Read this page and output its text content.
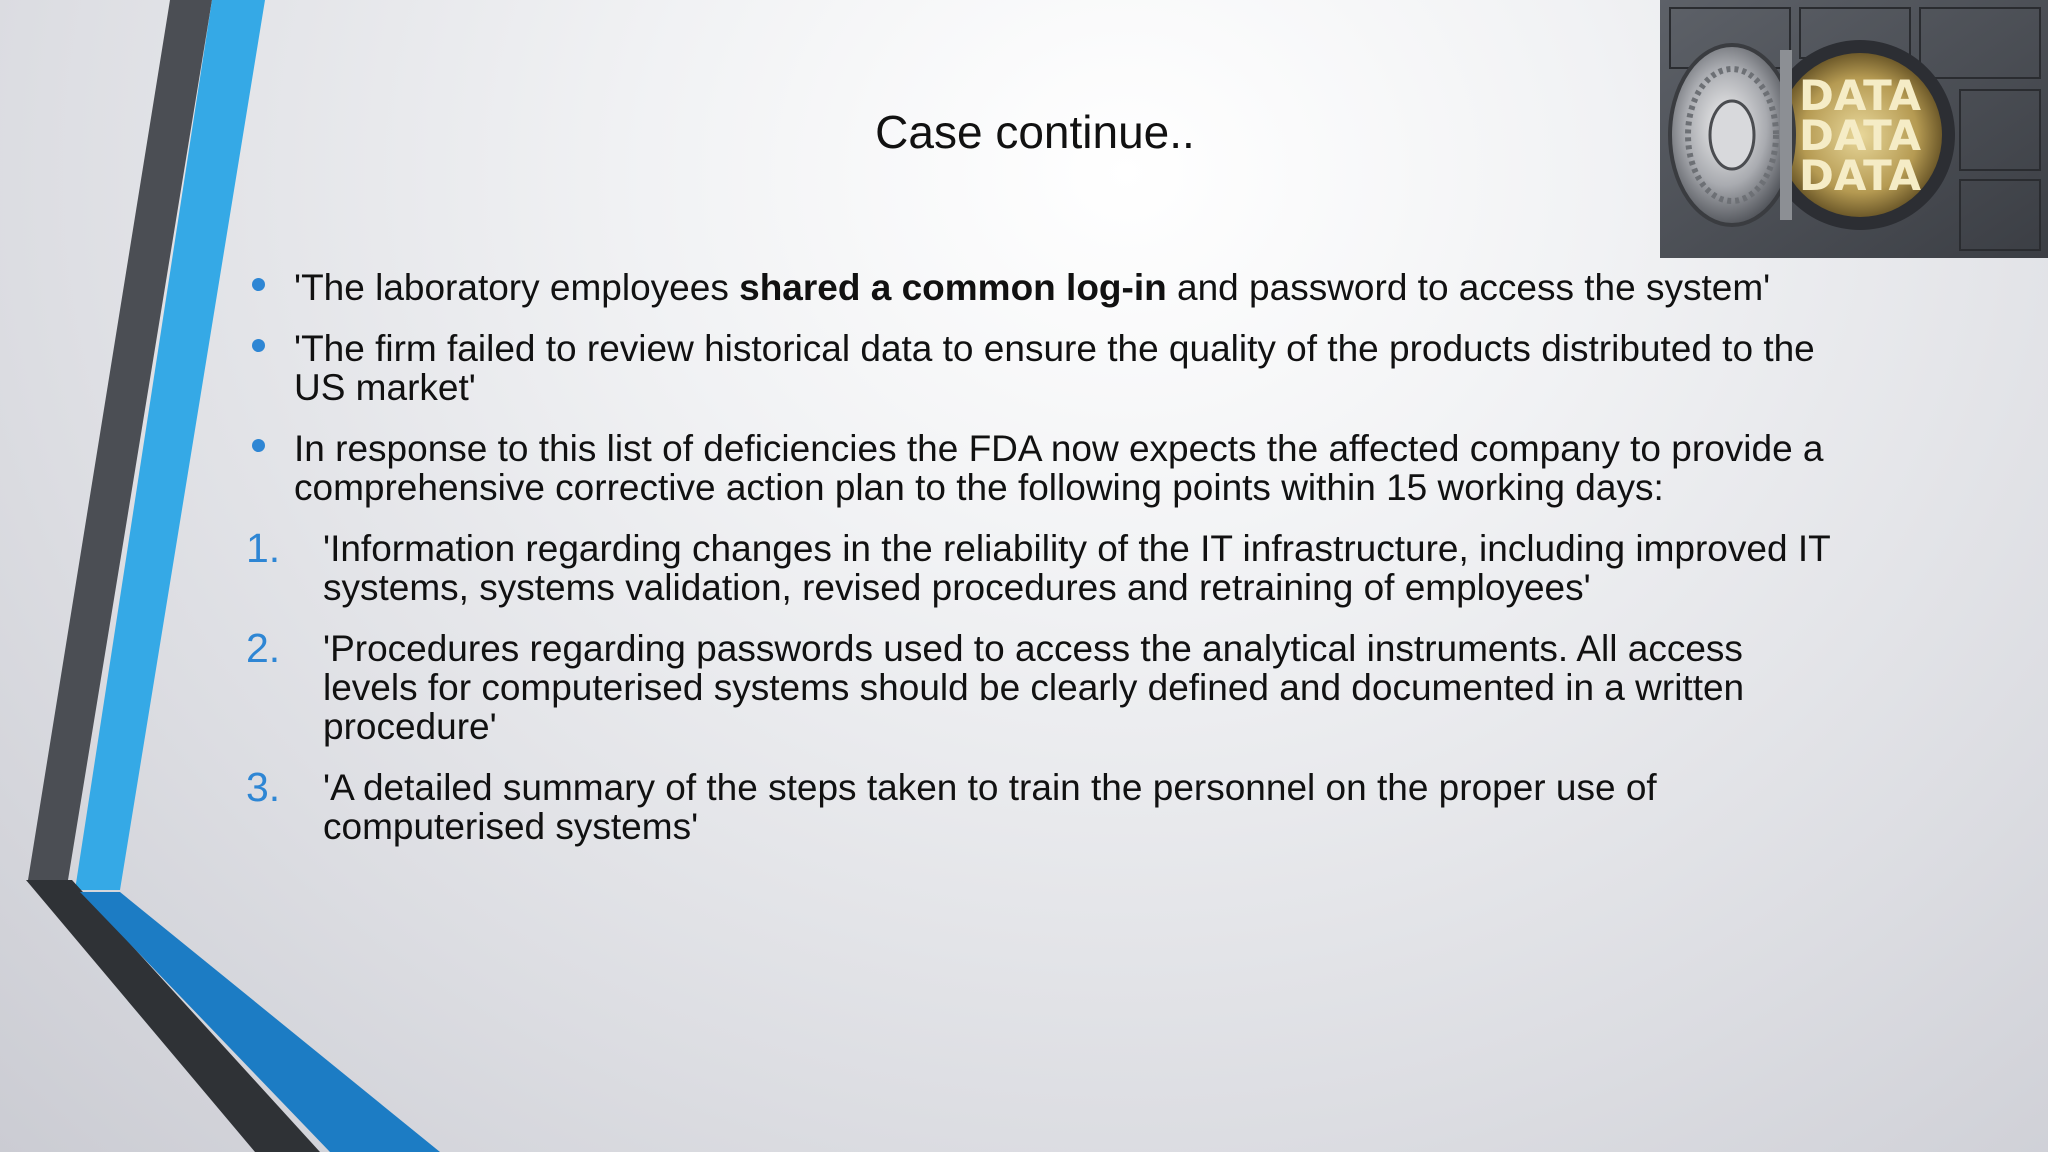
Case continue..
DATA
DATA
DATA
'The laboratory employees shared a common log-in and password to access the system'
'The firm failed to review historical data to ensure the quality of the products distributed to the US market'
In response to this list of deficiencies the FDA now expects the affected company to provide a comprehensive corrective action plan to the following points within 15 working days:
1. 'Information regarding changes in the reliability of the IT infrastructure, including improved IT systems, systems validation, revised procedures and retraining of employees'
2. 'Procedures regarding passwords used to access the analytical instruments. All access levels for computerised systems should be clearly defined and documented in a written procedure'
3. 'A detailed summary of the steps taken to train the personnel on the proper use of computerised systems'
